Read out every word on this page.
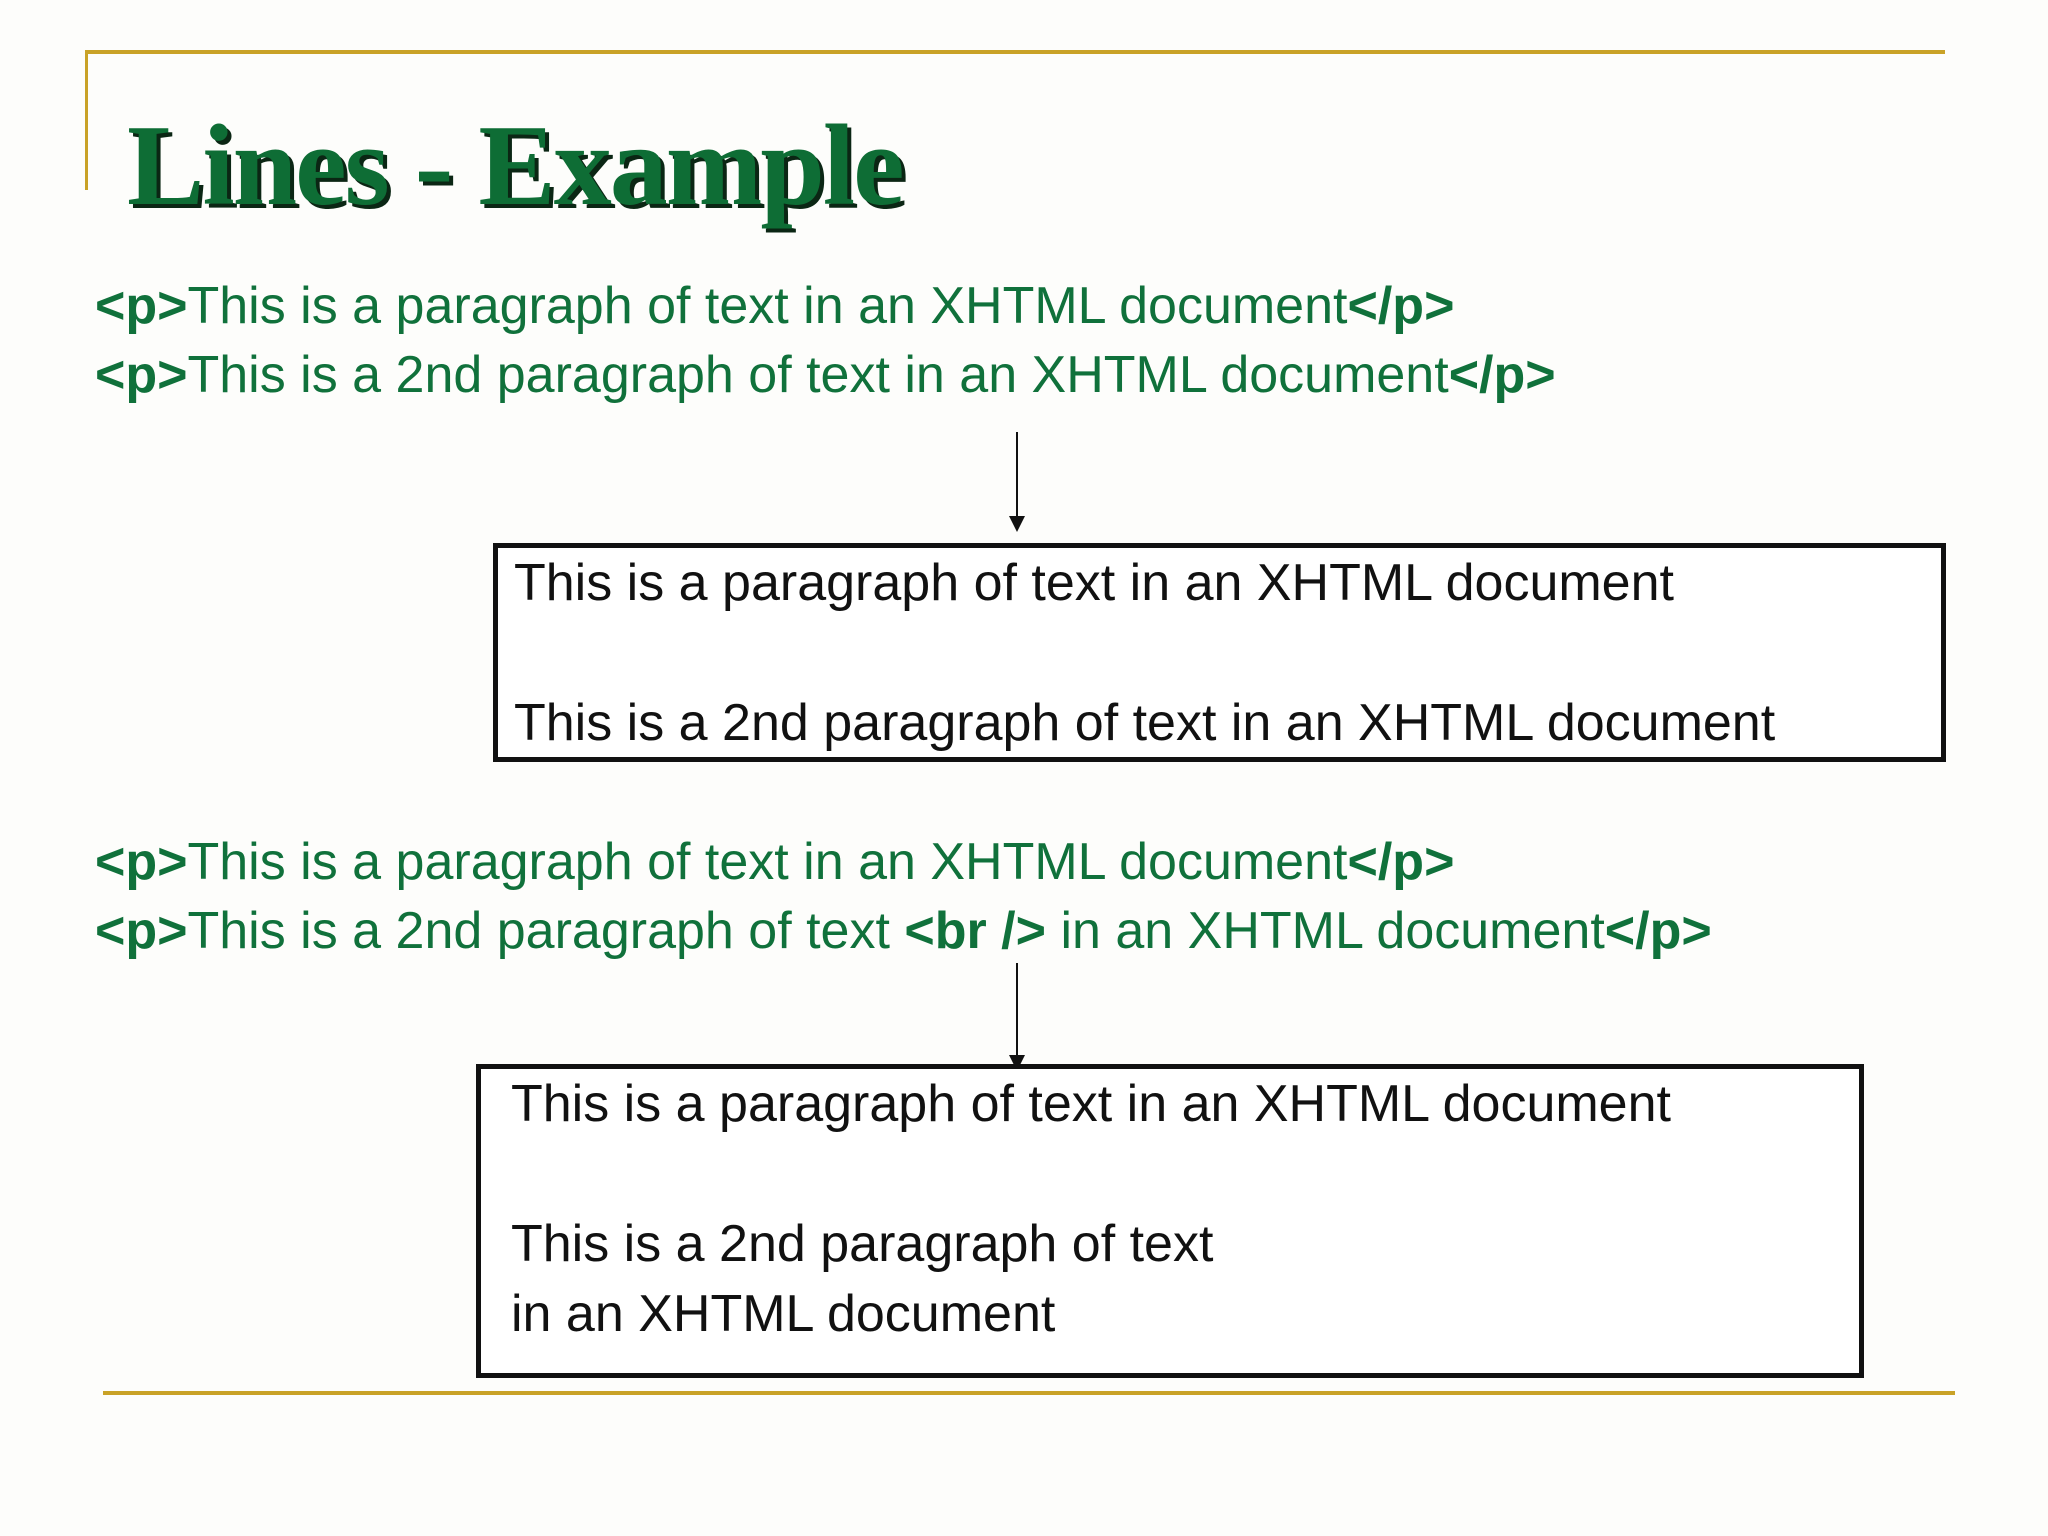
Lines - Example

<p>This is a paragraph of text in an XHTML document</p>

<p>This is a 2nd paragraph of text in an XHTML document</p>

This is a paragraph of text in an XHTML document

This is a 2nd paragraph of text in an XHTML document

<p>This is a paragraph of text in an XHTML document</p>

<p>This is a 2nd paragraph of text <br /> in an XHTML document</p>

This is a paragraph of text in an XHTML document

This is a 2nd paragraph of text

in an XHTML document
